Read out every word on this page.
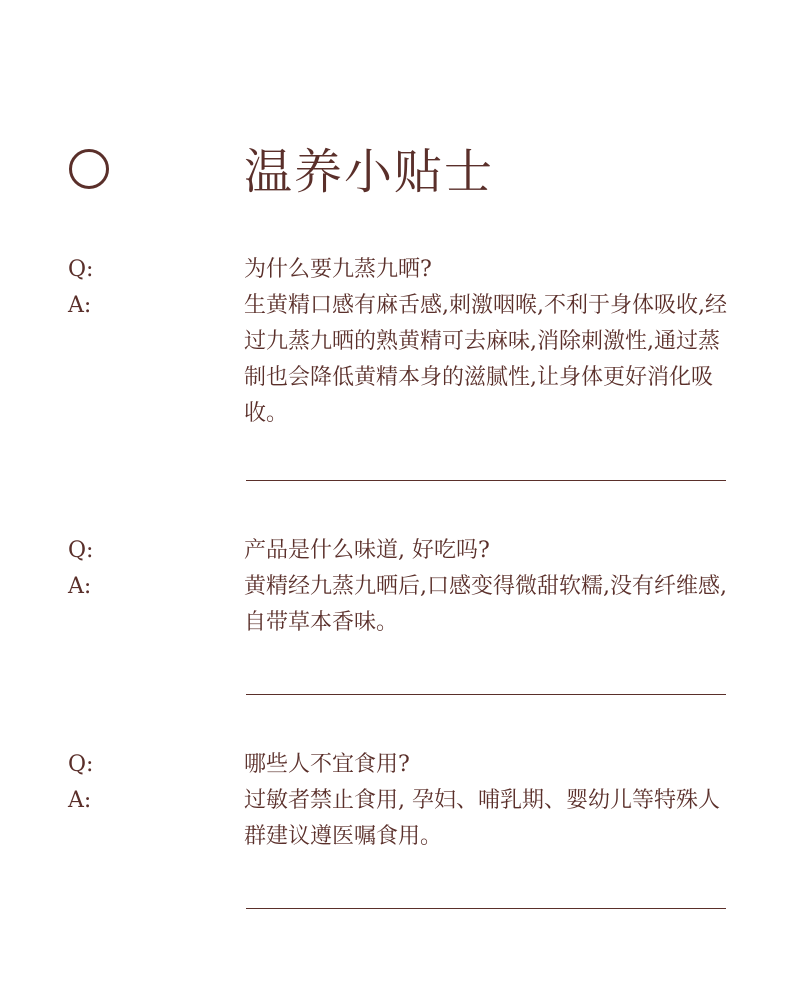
温养小贴士
Q:
A:

为什么要九蒸九晒?

生黄精口感有麻舌感,刺激咽喉,不利于身体吸收,经过九蒸九晒的熟黄精可去麻味,消除刺激性,通过蒸制也会降低黄精本身的滋腻性,让身体更好消化吸收。

Q:
A:

产品是什么味道, 好吃吗?

黄精经九蒸九晒后,口感变得微甜软糯,没有纤维感, 自带草本香味。

Q:
A:

哪些人不宜食用?

过敏者禁止食用, 孕妇、哺乳期、婴幼儿等特殊人群建议遵医嘱食用。
